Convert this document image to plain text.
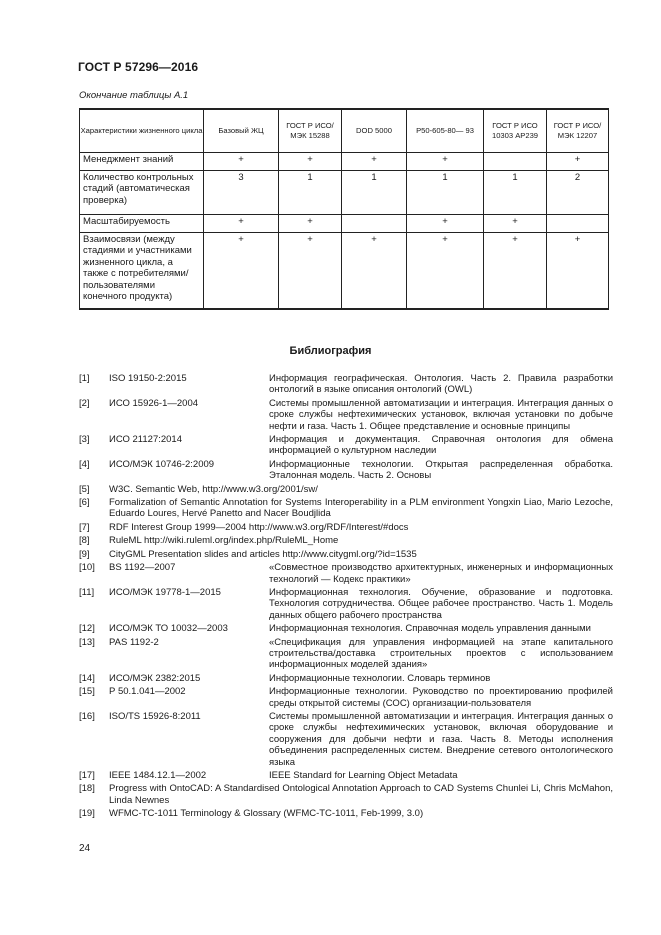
ГОСТ Р 57296—2016
Окончание таблицы А.1
Характеристики жизненного цикла	Базовый ЖЦ	ГОСТ Р ИСО/МЭК 15288	DOD 5000	Р50-605-80— 93	ГОСТ Р ИСО 10303 AP239	ГОСТ Р ИСО/МЭК 12207
Менеджмент знаний	+	+	+	+		+
Количество контрольных стадий (автоматическая проверка)	3	1	1	1	1	2
Масштабируемость	+	+		+	+	
Взаимосвязи (между стадиями и участниками жизненного цикла, а также с потребителями/ пользователями конечного продукта)	+	+	+	+	+	+
Библиография
[1]	ISO 19150-2:2015	Информация географическая. Онтология. Часть 2. Правила разработки онтологий в языке описания онтологий (OWL)
[2]	ИСО 15926-1—2004	Системы промышленной автоматизации и интеграция. Интеграция данных о сроке службы нефтехимических установок, включая установки по добыче нефти и газа. Часть 1. Общее представление и основные принципы
[3]	ИСО 21127:2014	Информация и документация. Справочная онтология для обмена информацией о культурном наследии
[4]	ИСО/МЭК 10746-2:2009	Информационные технологии. Открытая распределенная обработка. Эталонная модель. Часть 2. Основы
[5]	W3C. Semantic Web, http://www.w3.org/2001/sw/
[6]	Formalization of Semantic Annotation for Systems Interoperability in a PLM environment Yongxin Liao, Mario Lezoche, Eduardo Loures, Hervé Panetto and Nacer Boudjlida
[7]	RDF Interest Group 1999—2004 http://www.w3.org/RDF/Interest/#docs
[8]	RuleML http://wiki.ruleml.org/index.php/RuleML_Home
[9]	CityGML Presentation slides and articles http://www.citygml.org/?id=1535
[10]	BS 1192—2007	«Совместное производство архитектурных, инженерных и информационных технологий — Кодекс практики»
[11]	ИСО/МЭК 19778-1—2015	Информационная технология. Обучение, образование и подготовка. Технология сотрудничества. Общее рабочее пространство. Часть 1. Модель данных общего рабочего пространства
[12]	ИСО/МЭК ТО 10032—2003	Информационная технология. Справочная модель управления данными
[13]	PAS 1192-2	«Спецификация для управления информацией на этапе капитального строительства/доставка строительных проектов с использованием информационных моделей здания»
[14]	ИСО/МЭК 2382:2015	Информационные технологии. Словарь терминов
[15]	Р 50.1.041—2002	Информационные технологии. Руководство по проектированию профилей среды открытой системы (СОС) организации-пользователя
[16]	ISO/TS 15926-8:2011	Системы промышленной автоматизации и интеграция. Интеграция данных о сроке службы нефтехимических установок, включая оборудование и сооружения для добычи нефти и газа. Часть 8. Методы исполнения объединения распределенных систем. Внедрение сетевого онтологического языка
[17]	IEEE 1484.12.1—2002	IEEE Standard for Learning Object Metadata
[18]	Progress with OntoCAD: A Standardised Ontological Annotation Approach to CAD Systems Chunlei Li, Chris McMahon, Linda Newnes
[19]	WFMC-TC-1011 Terminology & Glossary (WFMC-TC-1011, Feb-1999, 3.0)
24
